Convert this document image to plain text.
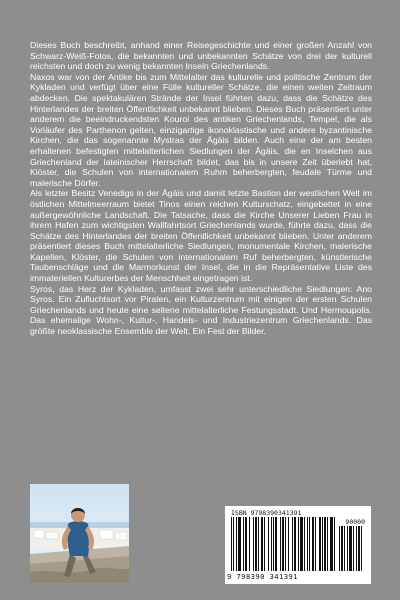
Dieses Buch beschreibt, anhand einer Reisegeschichte und einer großen Anzahl von Schwarz-Weiß-Fotos, die bekannten und unbekannten Schätze von drei der kulturell reichsten und doch zu wenig bekannten Inseln Griechenlands.

Naxos war von der Antike bis zum Mittelalter das kulturelle und politische Zentrum der Kykladen und verfügt über eine Fülle kultureller Schätze, die einen weiten Zeitraum abdecken. Die spektakulären Strände der Insel führten dazu, dass die Schätze des Hinterlandes der breiten Öffentlichkeit unbekannt blieben. Dieses Buch präsentiert unter anderem die beeindruckendsten Kouroi des antiken Griechenlands, Tempel, die als Vorläufer des Parthenon gelten, einzigartige ikonoklastische und andere byzantinische Kirchen, die das sogenannte Mystras der Ägäis bilden. Auch eine der am besten erhaltenen befestigten mittelalterlichen Siedlungen der Ägäis, die en Inselchen aus Griechenland der lateinischer Herrschaft bildet, das bis in unsere Zeit überlebt hat, Klöster, die Schulen von internationalem Ruhm beherbergten, feudale Türme und malerische Dörfer.

Als letzter Besitz Venedigs in der Ägäis und damit letzte Bastion der westlichen Welt im östlichen Mittelmeerraum bietet Tinos einen reichen Kulturschatz, eingebettet in eine außergewöhnliche Landschaft. Die Tatsache, dass die Kirche Unserer Lieben Frau in ihrem Hafen zum wichtigsten Wallfahrtsort Griechenlands wurde, führte dazu, dass die Schätze des Hinterlandes der breiten Öffentlichkeit unbekannt blieben. Unter anderem präsentiert dieses Buch mittelalterliche Siedlungen, monumentale Kirchen, malerische Kapellen, Klöster, die Schulen von internationalem Ruf beherbergten, künstlerische Taubenschläge und die Marmorkunst der Insel, die in die Repräsentative Liste des immateriellen Kulturerbes der Menschheit eingetragen ist.

Syros, das Herz der Kykladen, umfasst zwei sehr unterschiedliche Siedlungen: Ano Syros. Ein Zufluchtsort vor Piraten, ein Kulturzentrum mit einigen der ersten Schulen Griechenlands und heute eine seltene mittelalterliche Festungsstadt. Und Hermoupolis. Das ehemalige Wohn-, Kultur-, Handels- und Industriezentrum Griechenlands. Das größte neoklassische Ensemble der Welt. Ein Fest der Bilder.

ISBN 9798390341391
90000
9 798390 341391
